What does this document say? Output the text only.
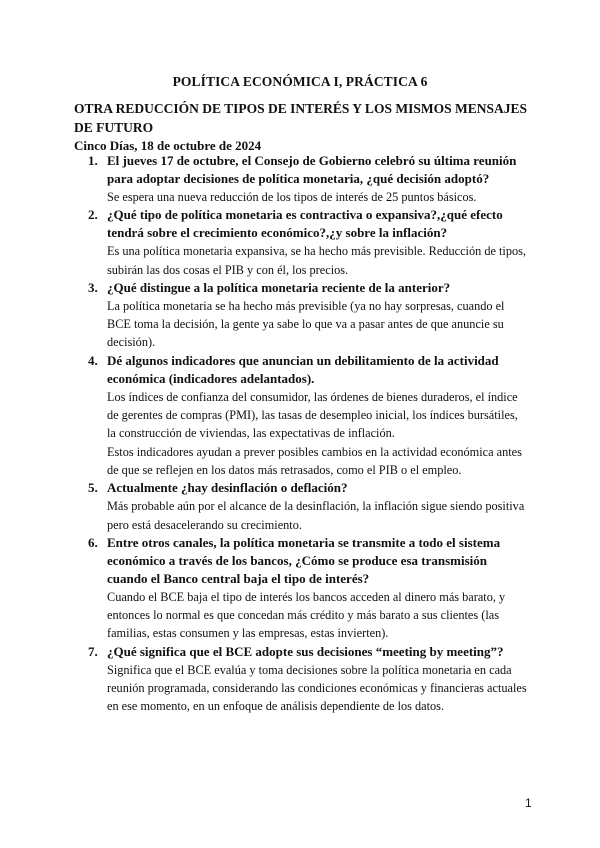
POLÍTICA ECONÓMICA I, PRÁCTICA 6
OTRA REDUCCIÓN DE TIPOS DE INTERÉS Y LOS MISMOS MENSAJES DE FUTURO
Cinco Días, 18 de octubre de 2024
1. El jueves 17 de octubre, el Consejo de Gobierno celebró su última reunión para adoptar decisiones de política monetaria, ¿qué decisión adoptó?
Se espera una nueva reducción de los tipos de interés de 25 puntos básicos.
2. ¿Qué tipo de política monetaria es contractiva o expansiva?,¿qué efecto tendrá sobre el crecimiento económico?,¿y sobre la inflación?
Es una política monetaria expansiva, se ha hecho más previsible. Reducción de tipos, subirán las dos cosas el PIB y con él, los precios.
3. ¿Qué distingue a la política monetaria reciente de la anterior?
La política monetaria se ha hecho más previsible (ya no hay sorpresas, cuando el BCE toma la decisión, la gente ya sabe lo que va a pasar antes de que anuncie su decisión).
4. Dé algunos indicadores que anuncian un debilitamiento de la actividad económica (indicadores adelantados).
Los índices de confianza del consumidor, las órdenes de bienes duraderos, el índice de gerentes de compras (PMI), las tasas de desempleo inicial, los índices bursátiles, la construcción de viviendas, las expectativas de inflación.
Estos indicadores ayudan a prever posibles cambios en la actividad económica antes de que se reflejen en los datos más retrasados, como el PIB o el empleo.
5. Actualmente ¿hay desinflación o deflación?
Más probable aún por el alcance de la desinflación, la inflación sigue siendo positiva pero está desacelerando su crecimiento.
6. Entre otros canales, la política monetaria se transmite a todo el sistema económico a través de los bancos, ¿Cómo se produce esa transmisión cuando el Banco central baja el tipo de interés?
Cuando el BCE baja el tipo de interés los bancos acceden al dinero más barato, y entonces lo normal es que concedan más crédito y más barato a sus clientes (las familias, estas consumen y las empresas, estas invierten).
7. ¿Qué significa que el BCE adopte sus decisiones “meeting by meeting”?
Significa que el BCE evalúa y toma decisiones sobre la política monetaria en cada reunión programada, considerando las condiciones económicas y financieras actuales en ese momento, en un enfoque de análisis dependiente de los datos.
1
